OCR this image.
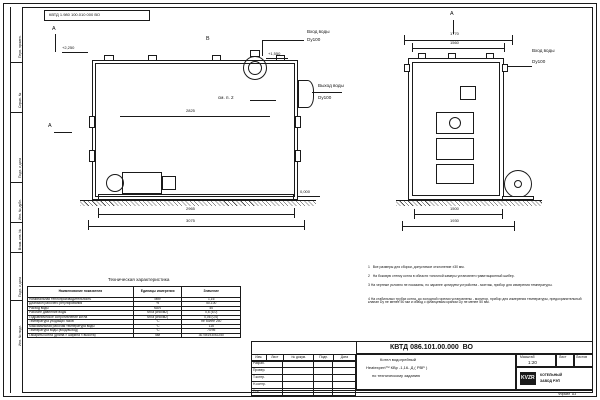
Перв. примен.
Справ. №
Подп. и дата
Инв. № дубл.
Взам. инв. №
Подп. и дата
Инв. № подл.
КВТД 1.980 100.010 000 ВО
А
А
В
Вход воды
Dy100
Выход воды
Dy100
см. п. 2
+2,250
+1,550
0,000
2825
2965
3075
А
Вход воды
Dy100
1770
1560
1500
1930
1   Все размеры для сборки, допустимое отклонение ±30 мм.
2   На боковую стенку котла в области топочной камеры установлен гравитационный шибер.
3 На чертеже условно не показаны, но заранее цитируем устройства - монтаж, прибор для измерения температуры.
4 На стабильных трубах котла, до холодной горелки установлены - монитор, прибор для измерения температуры, предохранительный клапан Dy не менее 50 мм и обвод с фланцевым краном Dy не менее 50 мм.
Техническая характеристика
Наименование показателя	Единицы измерения	Значение
Номинальная теплопроизводительность	МВт	1,16
Диапазон рабочего регулирования	%	50-100
Расход воды	м3/ч	40
Рабочее давление воды	МПа (кгс/см2)	0,6 (6,0)
Гидравлическое сопротивление котла	МПа (кгс/см2)	0,06 (0,6)
Температура уходящих газов	°С	не более 250
Максимальная рабочая температура воды	°С	115
Температура воды (вход/выход)	°С	70/95
Габариты котла (длина × ширина × высота)	мм	3075х1930х2250
Изм.	Лист	№ докум.	Подп.	Дата
Разраб.			
Провер.			
Т.контр.			
Н.контр.			
Утв.			
КВТД 086.101.00.000  ВО
Котел водогрейный
Heatexpert™ КВр -1,16- Д ( РВР )
по техническому заданию
Масштаб
1:20
Лист	Листов
KVZR КОТЕЛЬНЫЙ
ЗАВОД РЭП
Формат  А3
